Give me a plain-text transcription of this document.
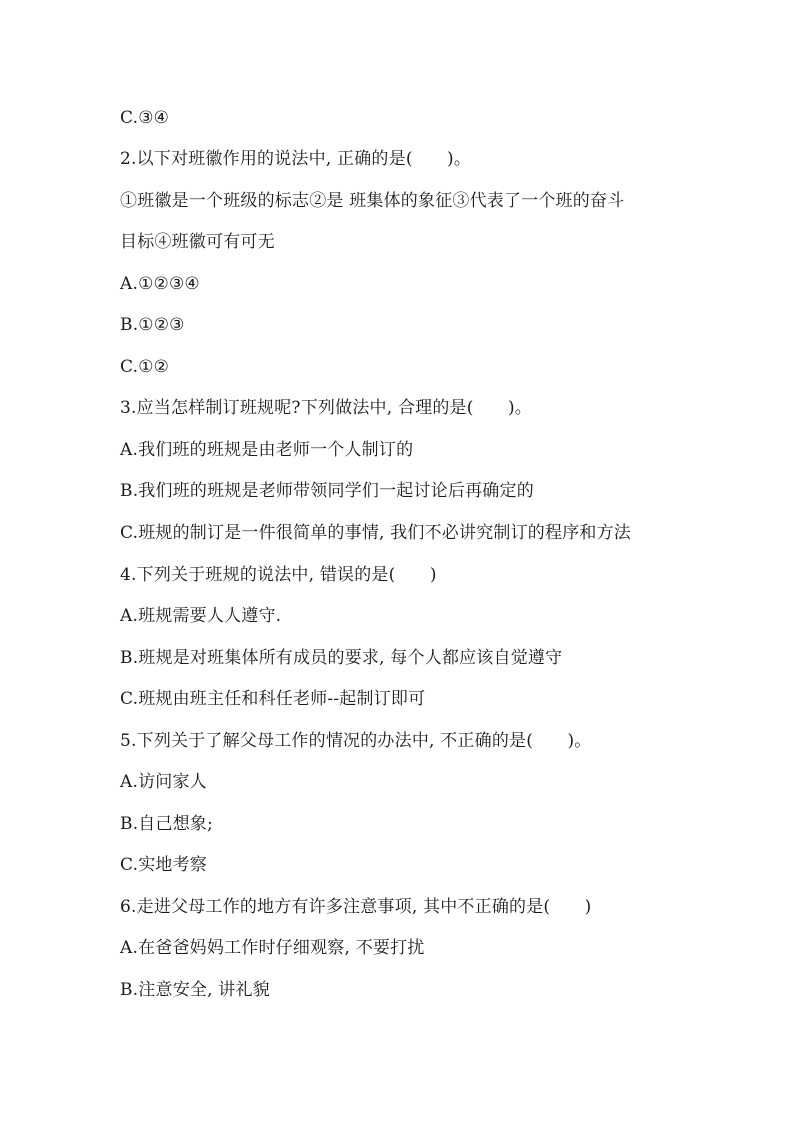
C.③④
2.以下对班徽作用的说法中, 正确的是(　　)。
①班徽是一个班级的标志②是 班集体的象征③代表了一个班的奋斗
目标④班徽可有可无
A.①②③④
B.①②③
C.①②
3.应当怎样制订班规呢?下列做法中, 合理的是(　　)。
A.我们班的班规是由老师一个人制订的
B.我们班的班规是老师带领同学们一起讨论后再确定的
C.班规的制订是一件很简单的事情, 我们不必讲究制订的程序和方法
4.下列关于班规的说法中, 错误的是(　　)
A.班规需要人人遵守.
B.班规是对班集体所有成员的要求, 每个人都应该自觉遵守
C.班规由班主任和科任老师--起制订即可
5.下列关于了解父母工作的情况的办法中, 不正确的是(　　)。
A.访问家人
B.自己想象;
C.实地考察
6.走进父母工作的地方有许多注意事项, 其中不正确的是(　　)
A.在爸爸妈妈工作时仔细观察, 不要打扰
B.注意安全, 讲礼貌
